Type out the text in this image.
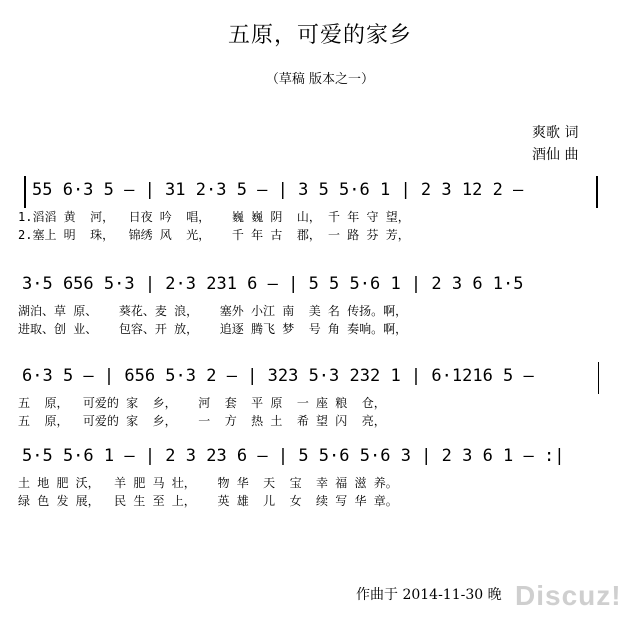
五原，可爱的家乡
（草稿 版本之一）
爽歌 词
酒仙 曲
55 6·3 5 – | 31 2·3 5 – | 3 5 5·6 1 | 2 3 12 2 –
1.滔滔 黄  河，  日夜 吟  唱，   巍 巍 阴  山， 千 年 守 望，
2.塞上 明  珠，  锦绣 风  光，   千 年 古  郡， 一 路 芬 芳，
3·5 656 5·3 | 2·3 231 6 – | 5 5 5·6 1 | 2 3 6 1·5
湖泊、草 原、   葵花、麦 浪，   塞外 小江 南  美 名 传扬。啊，
进取、创 业、   包容、开 放，   追逐 腾飞 梦  号 角 奏响。啊，
6·3 5 – | 656 5·3 2 – | 323 5·3 232 1 | 6·1216 5 –
五  原，  可爱的 家  乡，   河  套  平 原  一 座 粮  仓，
五  原，  可爱的 家  乡，   一  方  热 土  希 望 闪  亮，
5·5 5·6 1 – | 2 3 23 6 – | 5 5·6 5·6 3 | 2 3 6 1 – :|
土 地 肥 沃，  羊 肥 马 壮，   物 华  天  宝  幸 福 滋 养。
绿 色 发 展，  民 生 至 上，   英 雄  儿  女  续 写 华 章。
作曲于 2014-11-30 晚 Discuz!
